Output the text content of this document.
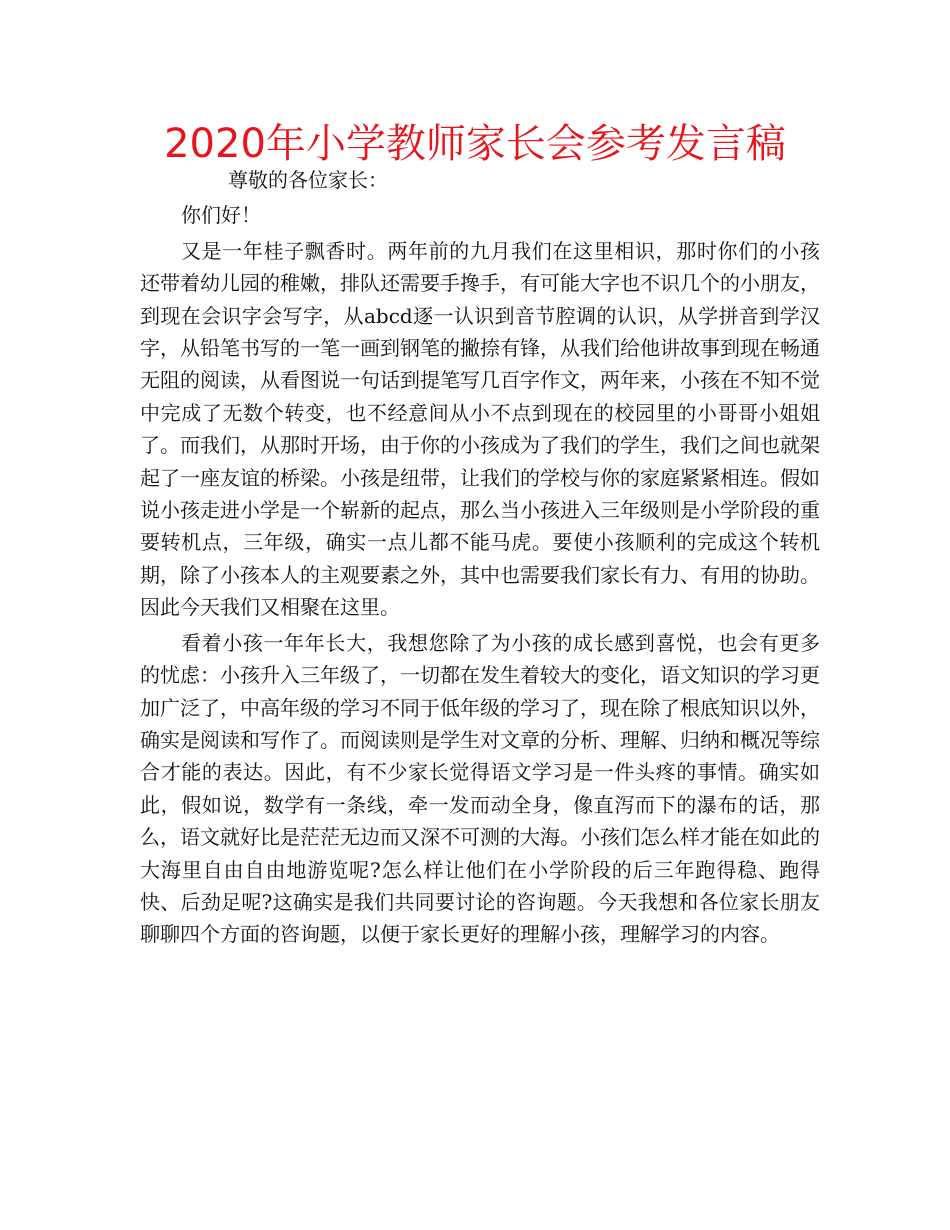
2020年小学教师家长会参考发言稿

尊敬的各位家长：

你们好！

又是一年桂子飘香时。两年前的九月我们在这里相识，那时你们的小孩还带着幼儿园的稚嫩，排队还需要手搀手，有可能大字也不识几个的小朋友，到现在会识字会写字，从abcd逐一认识到音节腔调的认识，从学拼音到学汉字，从铅笔书写的一笔一画到钢笔的撇捺有锋，从我们给他讲故事到现在畅通无阻的阅读，从看图说一句话到提笔写几百字作文，两年来，小孩在不知不觉中完成了无数个转变，也不经意间从小不点到现在的校园里的小哥哥小姐姐了。而我们，从那时开场，由于你的小孩成为了我们的学生，我们之间也就架起了一座友谊的桥梁。小孩是纽带，让我们的学校与你的家庭紧紧相连。假如说小孩走进小学是一个崭新的起点，那么当小孩进入三年级则是小学阶段的重要转机点，三年级，确实一点儿都不能马虎。要使小孩顺利的完成这个转机期，除了小孩本人的主观要素之外，其中也需要我们家长有力、有用的协助。因此今天我们又相聚在这里。

看着小孩一年年长大，我想您除了为小孩的成长感到喜悦，也会有更多的忧虑：小孩升入三年级了，一切都在发生着较大的变化，语文知识的学习更加广泛了，中高年级的学习不同于低年级的学习了，现在除了根底知识以外，确实是阅读和写作了。而阅读则是学生对文章的分析、理解、归纳和概况等综合才能的表达。因此，有不少家长觉得语文学习是一件头疼的事情。确实如此，假如说，数学有一条线，牵一发而动全身，像直泻而下的瀑布的话，那么，语文就好比是茫茫无边而又深不可测的大海。小孩们怎么样才能在如此的大海里自由自由地游览呢?怎么样让他们在小学阶段的后三年跑得稳、跑得快、后劲足呢?这确实是我们共同要讨论的咨询题。今天我想和各位家长朋友聊聊四个方面的咨询题，以便于家长更好的理解小孩，理解学习的内容。
